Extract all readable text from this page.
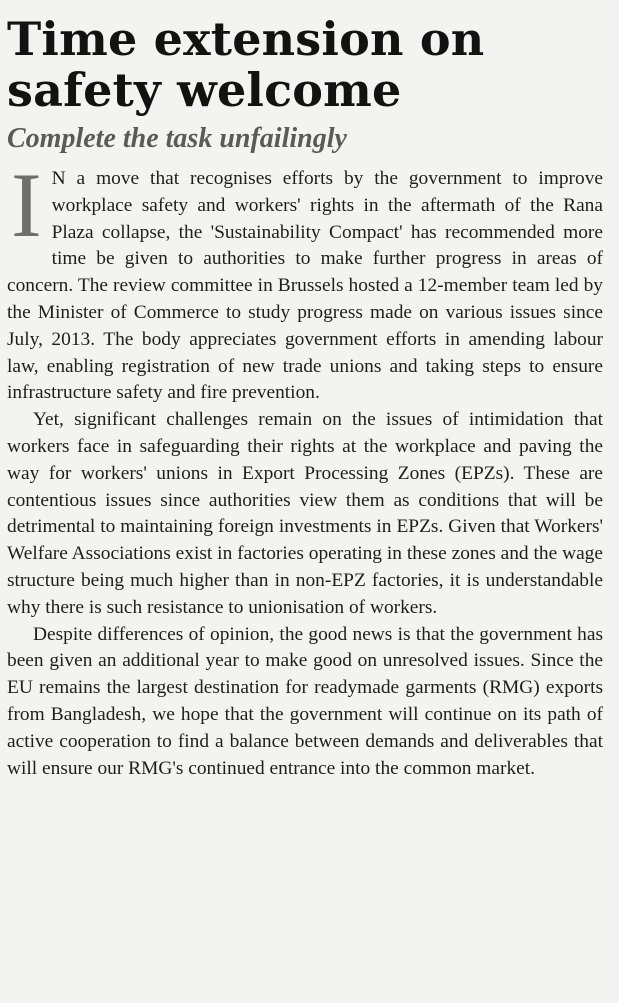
Time extension on safety welcome
Complete the task unfailingly

I N a move that recognises efforts by the government to improve workplace safety and workers' rights in the aftermath of the Rana Plaza collapse, the 'Sustainability Compact' has recommended more time be given to authorities to make further progress in areas of concern. The review committee in Brussels hosted a 12-member team led by the Minister of Commerce to study progress made on various issues since July, 2013. The body appreciates government efforts in amending labour law, enabling registration of new trade unions and taking steps to ensure infrastructure safety and fire prevention.

Yet, significant challenges remain on the issues of intimidation that workers face in safeguarding their rights at the workplace and paving the way for workers' unions in Export Processing Zones (EPZs). These are contentious issues since authorities view them as conditions that will be detrimental to maintaining foreign investments in EPZs. Given that Workers' Welfare Associations exist in factories operating in these zones and the wage structure being much higher than in non-EPZ factories, it is understandable why there is such resistance to unionisation of workers.

Despite differences of opinion, the good news is that the government has been given an additional year to make good on unresolved issues. Since the EU remains the largest destination for readymade garments (RMG) exports from Bangladesh, we hope that the government will continue on its path of active cooperation to find a balance between demands and deliverables that will ensure our RMG's continued entrance into the common market.
